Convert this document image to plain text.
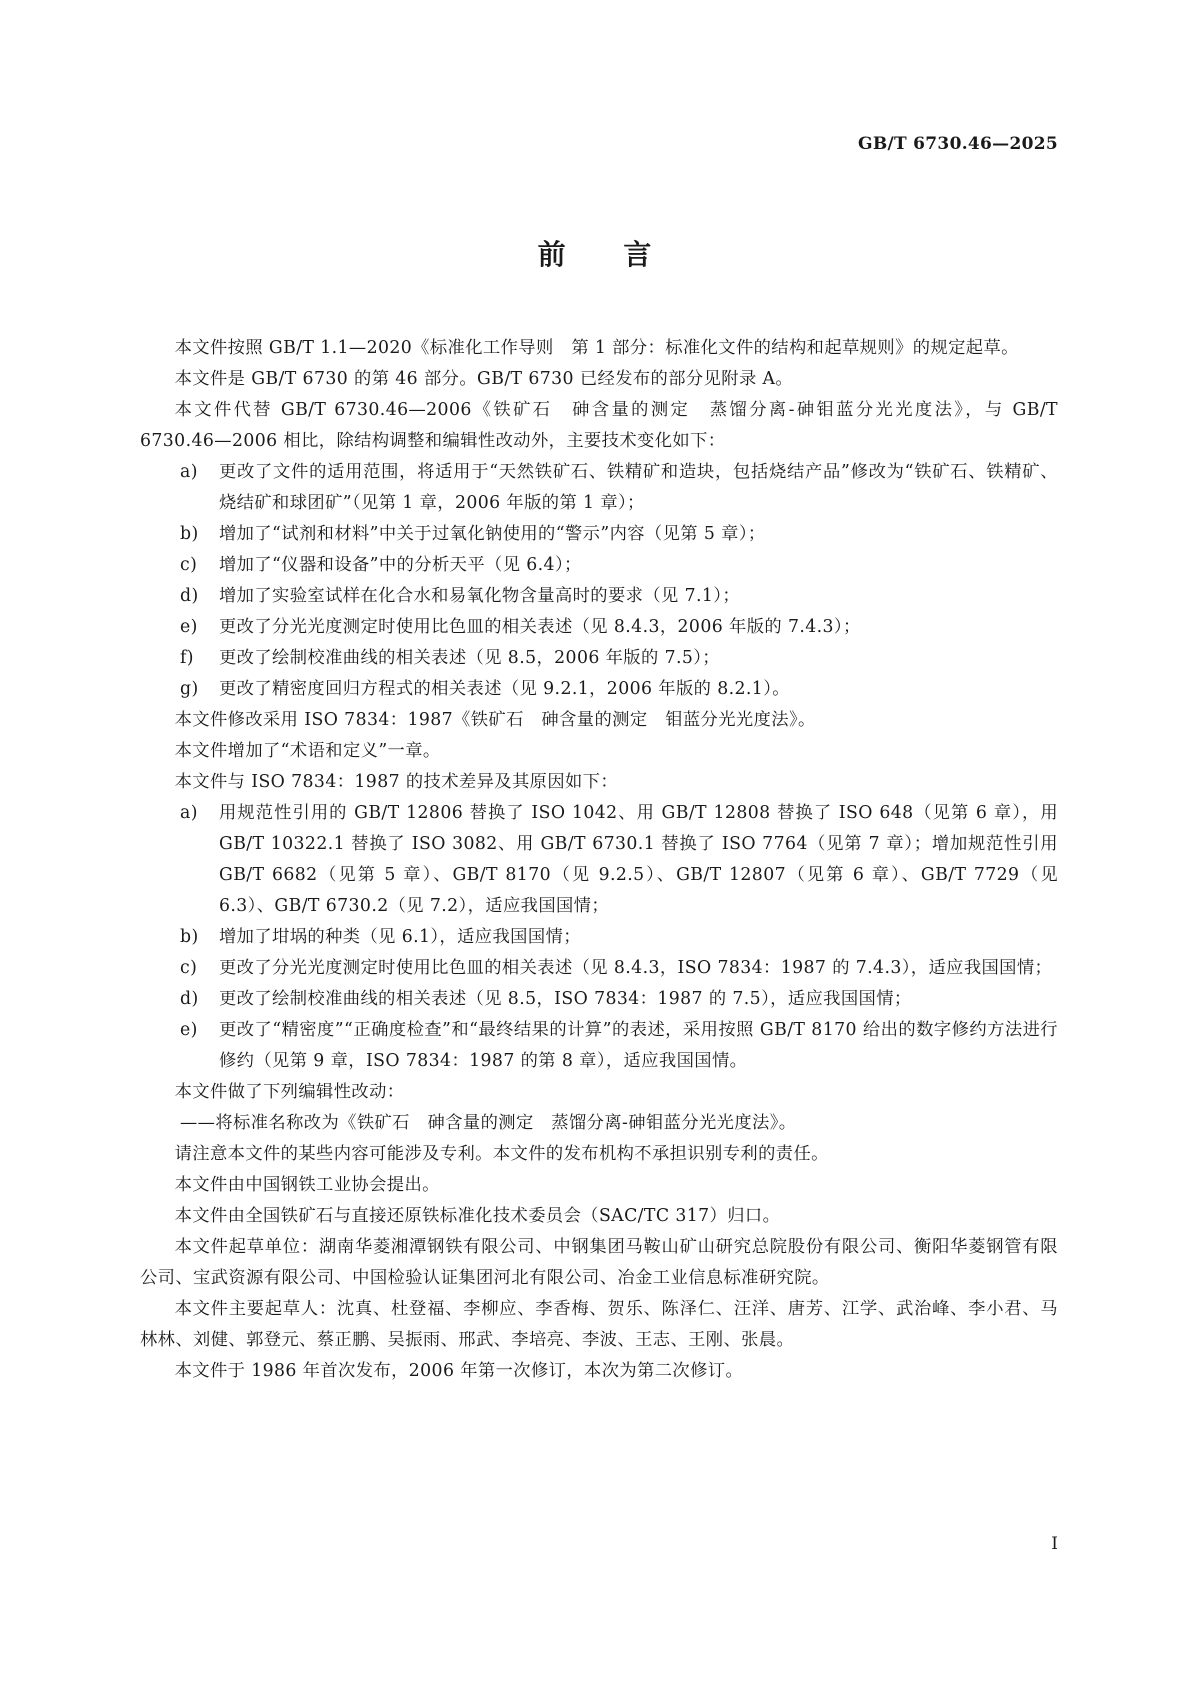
GB/T 6730.46—2025
前 言

本文件按照 GB/T 1.1—2020《标准化工作导则　第 1 部分：标准化文件的结构和起草规则》的规定起草。

本文件是 GB/T 6730 的第 46 部分。GB/T 6730 已经发布的部分见附录 A。

本文件代替 GB/T 6730.46—2006《铁矿石　砷含量的测定　蒸馏分离-砷钼蓝分光光度法》，与 GB/T 6730.46—2006 相比，除结构调整和编辑性改动外，主要技术变化如下：

a)	更改了文件的适用范围，将适用于“天然铁矿石、铁精矿和造块，包括烧结产品”修改为“铁矿石、铁精矿、烧结矿和球团矿”（见第 1 章，2006 年版的第 1 章）；
b)	增加了“试剂和材料”中关于过氧化钠使用的“警示”内容（见第 5 章）；
c)	增加了“仪器和设备”中的分析天平（见 6.4）；
d)	增加了实验室试样在化合水和易氧化物含量高时的要求（见 7.1）；
e)	更改了分光光度测定时使用比色皿的相关表述（见 8.4.3，2006 年版的 7.4.3）；
f)	更改了绘制校准曲线的相关表述（见 8.5，2006 年版的 7.5）；
g)	更改了精密度回归方程式的相关表述（见 9.2.1，2006 年版的 8.2.1）。

本文件修改采用 ISO 7834：1987《铁矿石　砷含量的测定　钼蓝分光光度法》。

本文件增加了“术语和定义”一章。

本文件与 ISO 7834：1987 的技术差异及其原因如下：

a)	用规范性引用的 GB/T 12806 替换了 ISO 1042、用 GB/T 12808 替换了 ISO 648（见第 6 章），用 GB/T 10322.1 替换了 ISO 3082、用 GB/T 6730.1 替换了 ISO 7764（见第 7 章）；增加规范性引用 GB/T 6682（见第 5 章）、GB/T 8170（见 9.2.5）、GB/T 12807（见第 6 章）、GB/T 7729（见 6.3）、GB/T 6730.2（见 7.2），适应我国国情；
b)	增加了坩埚的种类（见 6.1），适应我国国情；
c)	更改了分光光度测定时使用比色皿的相关表述（见 8.4.3，ISO 7834：1987 的 7.4.3），适应我国国情；
d)	更改了绘制校准曲线的相关表述（见 8.5，ISO 7834：1987 的 7.5），适应我国国情；
e)	更改了“精密度”“正确度检查”和“最终结果的计算”的表述，采用按照 GB/T 8170 给出的数字修约方法进行修约（见第 9 章，ISO 7834：1987 的第 8 章），适应我国国情。

本文件做了下列编辑性改动：

——将标准名称改为《铁矿石　砷含量的测定　蒸馏分离-砷钼蓝分光光度法》。

请注意本文件的某些内容可能涉及专利。本文件的发布机构不承担识别专利的责任。

本文件由中国钢铁工业协会提出。

本文件由全国铁矿石与直接还原铁标准化技术委员会（SAC/TC 317）归口。

本文件起草单位：湖南华菱湘潭钢铁有限公司、中钢集团马鞍山矿山研究总院股份有限公司、衡阳华菱钢管有限公司、宝武资源有限公司、中国检验认证集团河北有限公司、冶金工业信息标准研究院。

本文件主要起草人：沈真、杜登福、李柳应、李香梅、贺乐、陈泽仁、汪洋、唐芳、江学、武治峰、李小君、马林林、刘健、郭登元、蔡正鹏、吴振雨、邢武、李培亮、李波、王志、王刚、张晨。

本文件于 1986 年首次发布，2006 年第一次修订，本次为第二次修订。

Ⅰ
